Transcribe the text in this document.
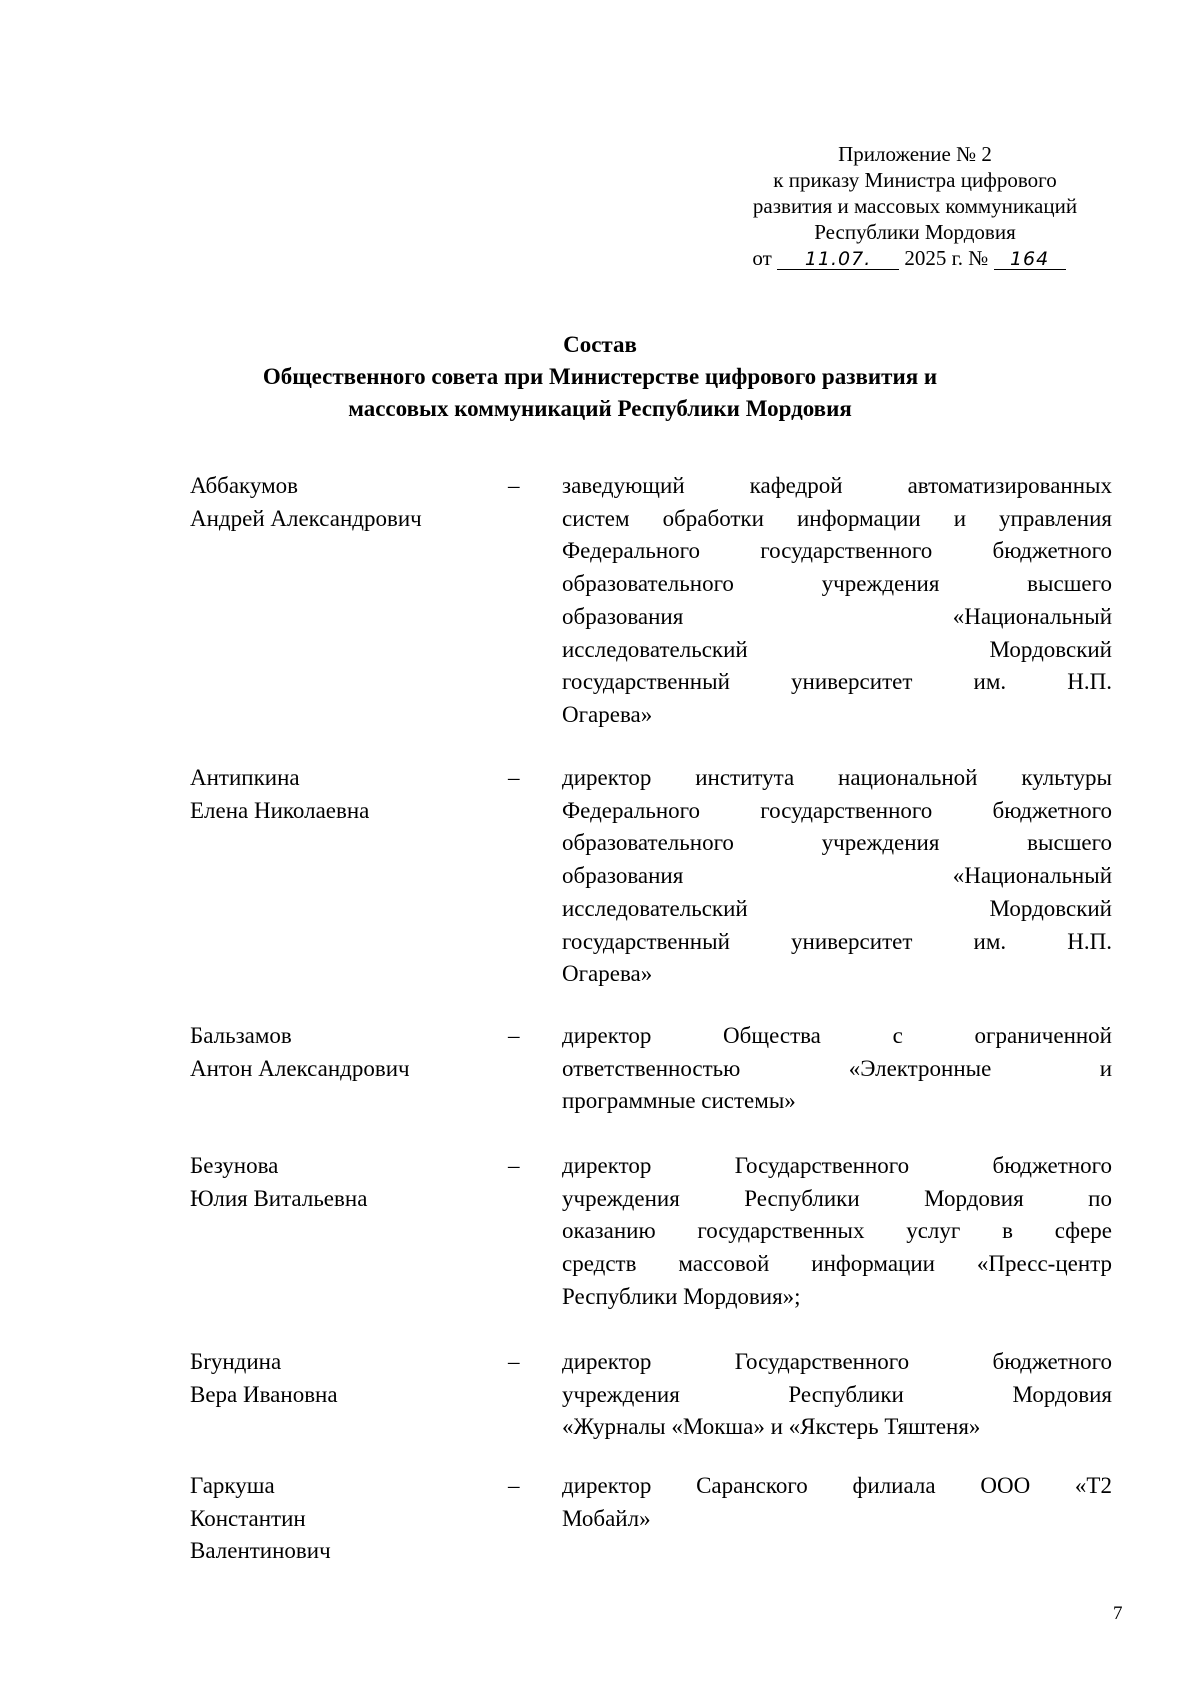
Приложение № 2
к приказу Министра цифрового
развития и массовых коммуникаций
Республики Мордовия
от 11.07. 2025 г. № 164
Состав
Общественного совета при Министерстве цифрового развития и
массовых коммуникаций Республики Мордовия
Аббакумов
Андрей Александрович
– заведующий кафедрой автоматизированных
систем обработки информации и управления
Федерального государственного бюджетного
образовательного учреждения высшего
образования «Национальный
исследовательский Мордовский
государственный университет им. Н.П.
Огарева»
Антипкина
Елена Николаевна
– директор института национальной культуры
Федерального государственного бюджетного
образовательного учреждения высшего
образования «Национальный
исследовательский Мордовский
государственный университет им. Н.П.
Огарева»
Бальзамов
Антон Александрович
– директор Общества с ограниченной
ответственностью «Электронные и
программные системы»
Безунова
Юлия Витальевна
– директор Государственного бюджетного
учреждения Республики Мордовия по
оказанию государственных услуг в сфере
средств массовой информации «Пресс-центр
Республики Мордовия»;
Бryндина
Вера Ивановна
– директор Государственного бюджетного
учреждения Республики Мордовия
«Журналы «Мокша» и «Якстерь Тяштеня»
Гаркуша
Константин
Валентинович
– директор Саранского филиала ООО «Т2
Мобайл»
7
